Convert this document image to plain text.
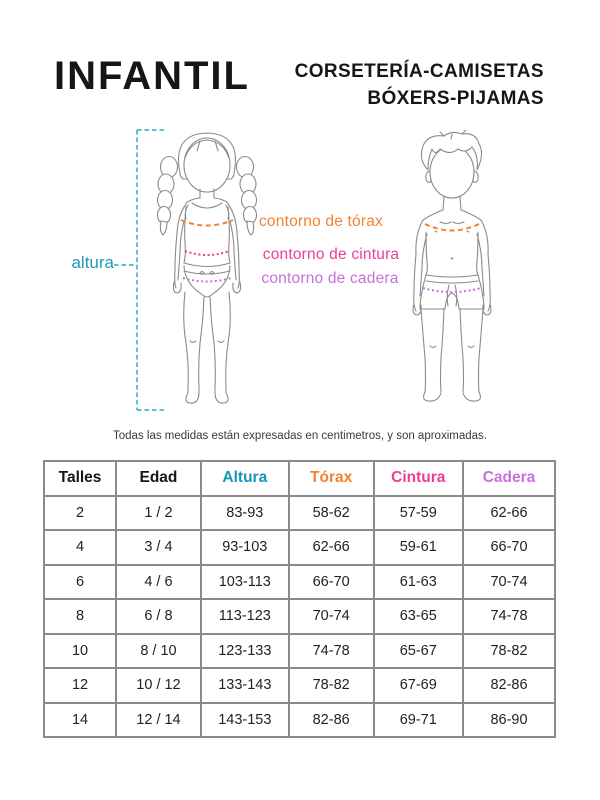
INFANTIL CORSETERÍA-CAMISETAS
BÓXERS-PIJAMAS
altura
contorno de tórax
contorno de cintura
contorno de cadera

Todas las medidas están expresadas en centimetros, y son aproximadas.

Talles	Edad	Altura	Tórax	Cintura	Cadera
2	1 / 2	83-93	58-62	57-59	62-66
4	3 / 4	93-103	62-66	59-61	66-70
6	4 / 6	103-113	66-70	61-63	70-74
8	6 / 8	113-123	70-74	63-65	74-78
10	8 / 10	123-133	74-78	65-67	78-82
12	10 / 12	133-143	78-82	67-69	82-86
14	12 / 14	143-153	82-86	69-71	86-90
